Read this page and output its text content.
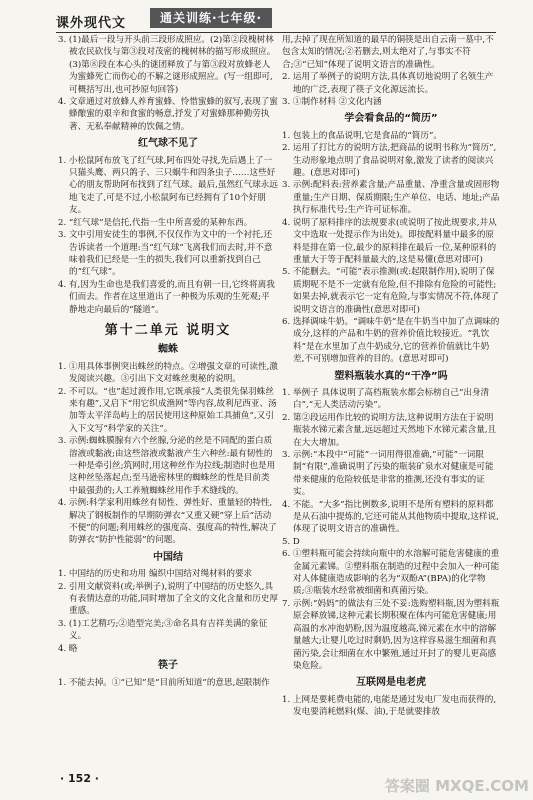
课外现代文	通关训练·七年级·

3. (1)最后一段与开头前三段形成照应。(2)第②段槐树林被农民砍伐与第③段对茂密的槐树林的描写形成照应。(3)第⑧段在本心头的谜团释放了与第③段对放蜂老人为蜜蜂死亡而伤心的不解之谜形成照应。(写一组即可,可概括写出,也可抄原句回答)

4. 文章通过对放蜂人养育蜜蜂、怜惜蜜蜂的叙写,表现了蜜蜂酿蜜的艰辛和食蜜的畅意,抒发了对蜜蜂那种勤劳执著、无私奉献精神的饮佩之情。

红气球不见了

1. 小松鼠阿布放飞了红气球,阿布四处寻找,先后遇上了一只猫头鹰、两只鸽子、三只蜗牛和四条虫子……这些好心的朋友帮助阿布找到了红气球。最后,虽然红气球永远地飞走了,可是不过,小松鼠阿布已经拥有了10个好朋友。

2. “红气球”是信托,代指一生中所喜爱的某种东西。

3. 文中引用安徒生的事例,不仅仅作为文中的一个衬托,还告诉读者一个道理:当“红气球”飞离我们而去时,并不意味着我们已经是一生的损失,我们可以重新找到自己的“红气球”。

4. 有,因为生命也是我们喜爱的,而且有朝一日,它终将离我们而去。作者在这里道出了一种极为乐观的生死观;平静地走向最后的“隧道”。

第十二单元 说明文
蜘蛛

1. ①用具体事例突出蛛丝的特点。②增强文章的可读性,激发阅读兴趣。③引出下文对蛛丝奥秘的说明。

2. 不可以。“也”起过渡作用,它既承接“人类很先保羽蛛丝来有趣”,又启下“用它织成渔网”等内容,故利尼西亚、汤加等太平洋岛屿上的居民使用这种原始工具捕鱼”,又引入下文写“科学家的关注”。

3. 示例:蜘蛛膜腺有六个丝腺,分泌的丝是不同配的蛋白质溶液或黏液;由这些溶液或黏液产生六种丝:最有韧性的一种是牵引丝;筑网时,用这种丝作为拉线;制造时也是用这种丝坠落起点;至马逊密林里的蜘蛛丝的性是目前类中最强劲的;人工养殖蜘蛛丝用作手术缝线的。

4. 示例:科学家利用蛛丝有韧性、弹性好、重量轻的特性,解决了钢板制作的早期防弹衣“又重又硬”穿上后“活动不便”的问题;利用蛛丝的强度高、强度高的特性,解决了防弹衣“防护性能弱”的问题。

中国结

1. 中国结的历史和功用 编织中国结对绳材料的要求

2. 引用文献资料(或;举例子),说明了中国结的历史悠久,具有表情达意的功能,同时增加了全文的文化含量和历史厚重感。

3. (1)工艺精巧;②造型完美;③命名具有吉祥美满的象征义。

4. 略

筷子

1. 不能去掉。①“已知”是“目前所知道”的意思,起限制作

用,去掉了现在所知道的最早的铜筷是出自云南一墓中,不包含太知的情况;②若删去,则太绝对了,与事实不符合;③“已知”体现了说明文语言的准确性。

2. 运用了举例子的说明方法,具体真切地说明了名领生产地的广泛,表现了筷子文化源远流长。

3. ①制作材料 ②文化内涵

学会看食品的“简历”

1. 包装上的食品说明,它是食品的“简历”。

2. 运用了打比方的说明方法,把商品的说明书称为“简历”,生动形象地点明了食品说明对象,激发了读者的阅读兴趣。(意思对即可)

3. 示例:配料表:营养素含量;产品重量、净重含量或固形物重量;生产日期、保质期限;生产单位、电话、地址;产品执行标准代号;生产许可证标准。

4. 说明了原料排序的法规要求(或说明了按此规要求,并从文中选取一处提示作为出处)。即按配料量中最多的原料是排在第一位,最少的原料排在最后一位,某种原料的重量大于等于配料量最大的,这是易懂(意思对即可)

5. 不能删去。“可能”表示推测(或:起限制作用),说明了保质期呢不是不一定就有危险,但不排除有危险的可能性;如果去掉,就表示它一定有危险,与事实情况不符,体现了说明文语言的准确性(意思对即可)

6. 选择调味牛奶。“调味牛奶”是在牛奶当中加了点调味的成分,这样的产品和牛奶的营养价值比较接近。“乳饮料”是在水里加了点牛奶成分,它的营养价值就比牛奶差,不可别增加营养的目的。(意思对即可)

塑料瓶装水真的“干净”吗

1. 举例子 具体说明了高档瓶装水都会标榜自己“出身清白”,“无人类活动污染”。

2. 第②段运用作比较的说明方法,这种说明方法在于说明瓶装水锑元素含量,远远超过天然地下水锑元素含量,且在大大增加。

3. 示例:“本段中“可能”一词用得很准确,“可能”一词限制“有限”,准确说明了污染的瓶装矿泉水对健康是可能带来健康的危险较低是非常的推测,还没有事实的证实。

4. 不能。“大多”指比例数多,说明不是所有塑料的原料都是从石油中提炼的,它还可能从其他物质中提取,这样说,体现了说明文语言的准确性。

5. D

6. ①塑料瓶可能会持续向瓶中的水溶解可能危害健康的重金属元素锑。②塑料瓶在制造的过程中会加入一种可能对人体健康造成影响的名为“双酚A”(BPA)的化学物质;③瓶装水经常被细菌和真菌污染。

7. 示例:“妈妈”的做法有三处不妥:选购塑料瓶,因为塑料瓶原会释放锑,这种元素长期积聚在体内可能危害健康;用高温的水冲泡奶粉,因为温度越高,锑元素在水中的溶解量越大;让婴儿吃过时剩奶,因为这样容易滋生细菌和真菌污染,会让细菌在水中繁殖,通过开封了的婴儿更高感染危险。

互联网是电老虎

1. 上网是要耗费电能的,电能是通过发电厂发电而获得的,发电要消耗燃料(煤、油),于是就要排放

· 152 ·	答案圈 MXQE.COM
